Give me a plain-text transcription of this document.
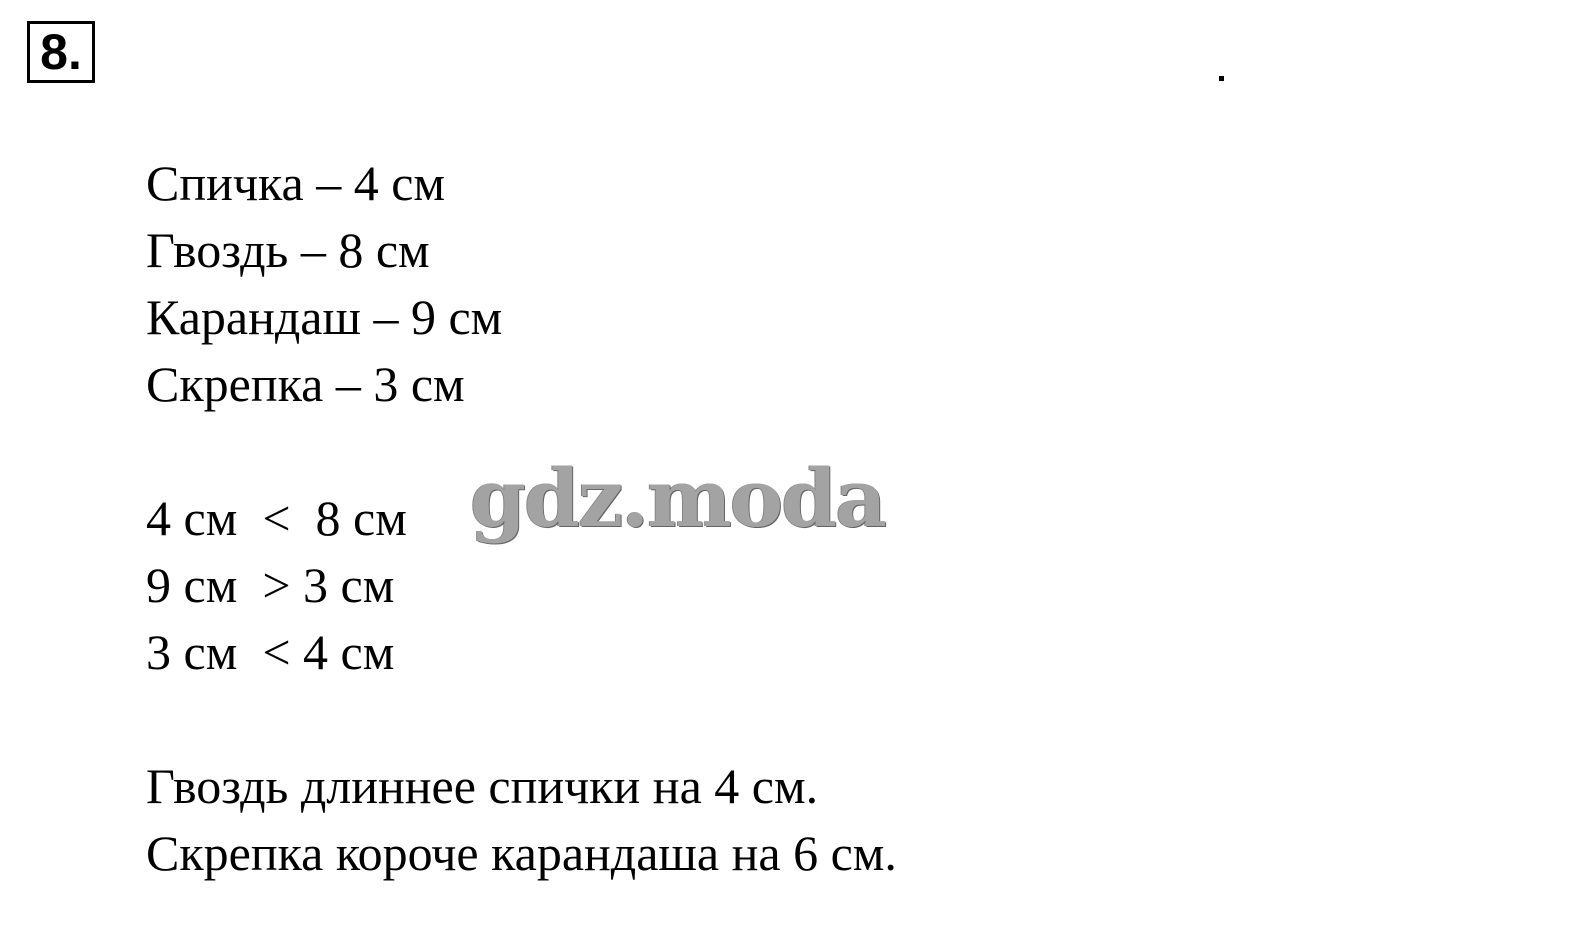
8.
Спичка – 4 см
Гвоздь – 8 см
Карандаш – 9 см
Скрепка – 3 см
4 см  <  8 см
9 см  > 3 см
3 см  < 4 см
Гвоздь длиннее спички на 4 см.
Скрепка короче карандаша на 6 см.
gdz.moda
